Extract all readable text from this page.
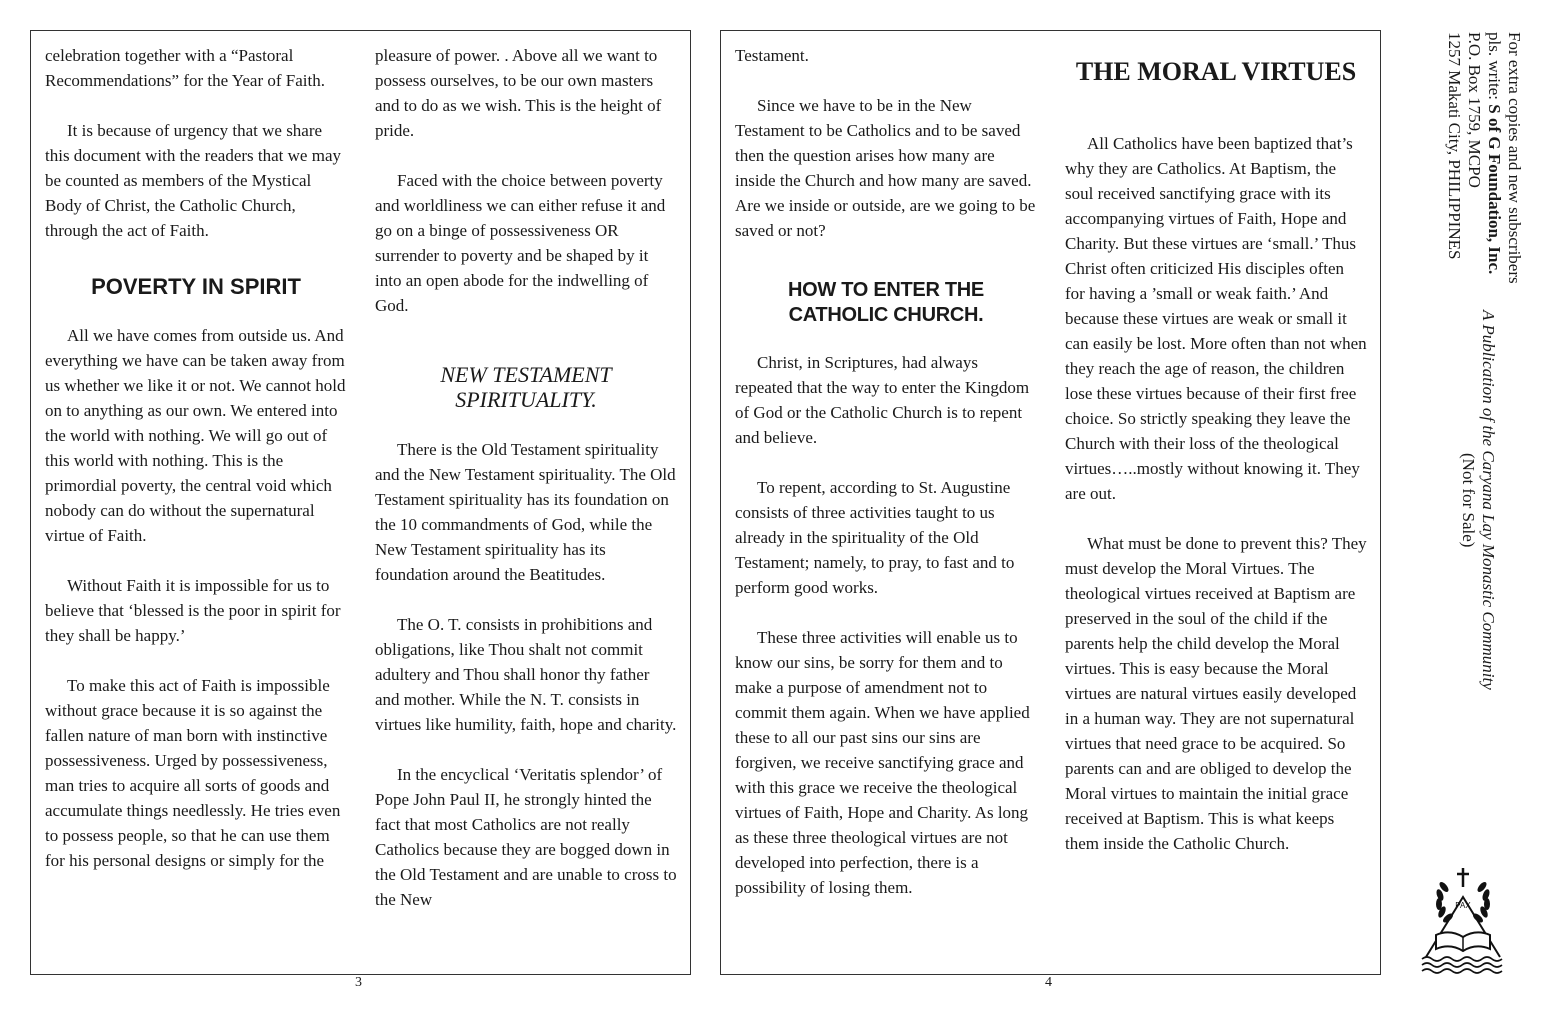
celebration together with a “Pastoral Recommendations” for the Year of Faith.

It is because of urgency that we share this document with the readers that we may be counted as members of the Mystical Body of Christ, the Catholic Church, through the act of Faith.

POVERTY IN SPIRIT

All we have comes from outside us. And everything we have can be taken away from us whether we like it or not. We cannot hold on to anything as our own. We entered into the world with nothing. We will go out of this world with nothing. This is the primordial poverty, the central void which nobody can do without the supernatural virtue of Faith.

Without Faith it is impossible for us to believe that ‘blessed is the poor in spirit for they shall be happy.’

To make this act of Faith is impossible without grace because it is so against the fallen nature of man born with instinctive possessiveness. Urged by possessiveness, man tries to acquire all sorts of goods and accumulate things needlessly. He tries even to possess people, so that he can use them for his personal designs or simply for the

pleasure of power. . Above all we want to possess ourselves, to be our own masters and to do as we wish. This is the height of pride.

Faced with the choice between poverty and worldliness we can either refuse it and go on a binge of possessiveness OR surrender to poverty and be shaped by it into an open abode for the indwelling of God.

NEW TESTAMENT
SPIRITUALITY.

There is the Old Testament spirituality and the New Testament spirituality. The Old Testament spirituality has its foundation on the 10 commandments of God, while the New Testament spirituality has its foundation around the Beatitudes.

The O. T. consists in prohibitions and obligations, like Thou shalt not commit adultery and Thou shall honor thy father and mother. While the N. T. consists in virtues like humility, faith, hope and charity.

In the encyclical ‘Veritatis splendor’ of Pope John Paul II, he strongly hinted the fact that most Catholics are not really Catholics because they are bogged down in the Old Testament and are unable to cross to the New

3

Testament.

Since we have to be in the New Testament to be Catholics and to be saved then the question arises how many are inside the Church and how many are saved. Are we inside or outside, are we going to be saved or not?

HOW TO ENTER THE
CATHOLIC CHURCH.

Christ, in Scriptures, had always repeated that the way to enter the Kingdom of God or the Catholic Church is to repent and believe.

To repent, according to St. Augustine consists of three activities taught to us already in the spirituality of the Old Testament; namely, to pray, to fast and to perform good works.

These three activities will enable us to know our sins, be sorry for them and to make a purpose of amendment not to commit them again. When we have applied these to all our past sins our sins are forgiven, we receive sanctifying grace and with this grace we receive the theological virtues of Faith, Hope and Charity. As long as these three theological virtues are not developed into perfection, there is a possibility of losing them.

THE MORAL VIRTUES

All Catholics have been baptized that’s why they are Catholics. At Baptism, the soul received sanctifying grace with its accompanying virtues of Faith, Hope and Charity. But these virtues are ‘small.’ Thus Christ often criticized His disciples often for having a ’small or weak faith.’ And because these virtues are weak or small it can easily be lost. More often than not when they reach the age of reason, the children lose these virtues because of their first free choice. So strictly speaking they leave the Church with their loss of the theological virtues…..mostly without knowing it. They are out.

What must be done to prevent this? They must develop the Moral Virtues. The theological virtues received at Baptism are preserved in the soul of the child if the parents help the child develop the Moral virtues. This is easy because the Moral virtues are natural virtues easily developed in a human way. They are not supernatural virtues that need grace to be acquired. So parents can and are obliged to develop the Moral virtues to maintain the initial grace received at Baptism. This is what keeps them inside the Catholic Church.

4
For extra copies and new subscribers
pls. write: S of G Foundation, Inc.
P.O. Box 1759, MCPO
1257 Makati City, PHILIPPINES
A Publication of the Caryana Lay Monastic Community
(Not for Sale)
PAX
